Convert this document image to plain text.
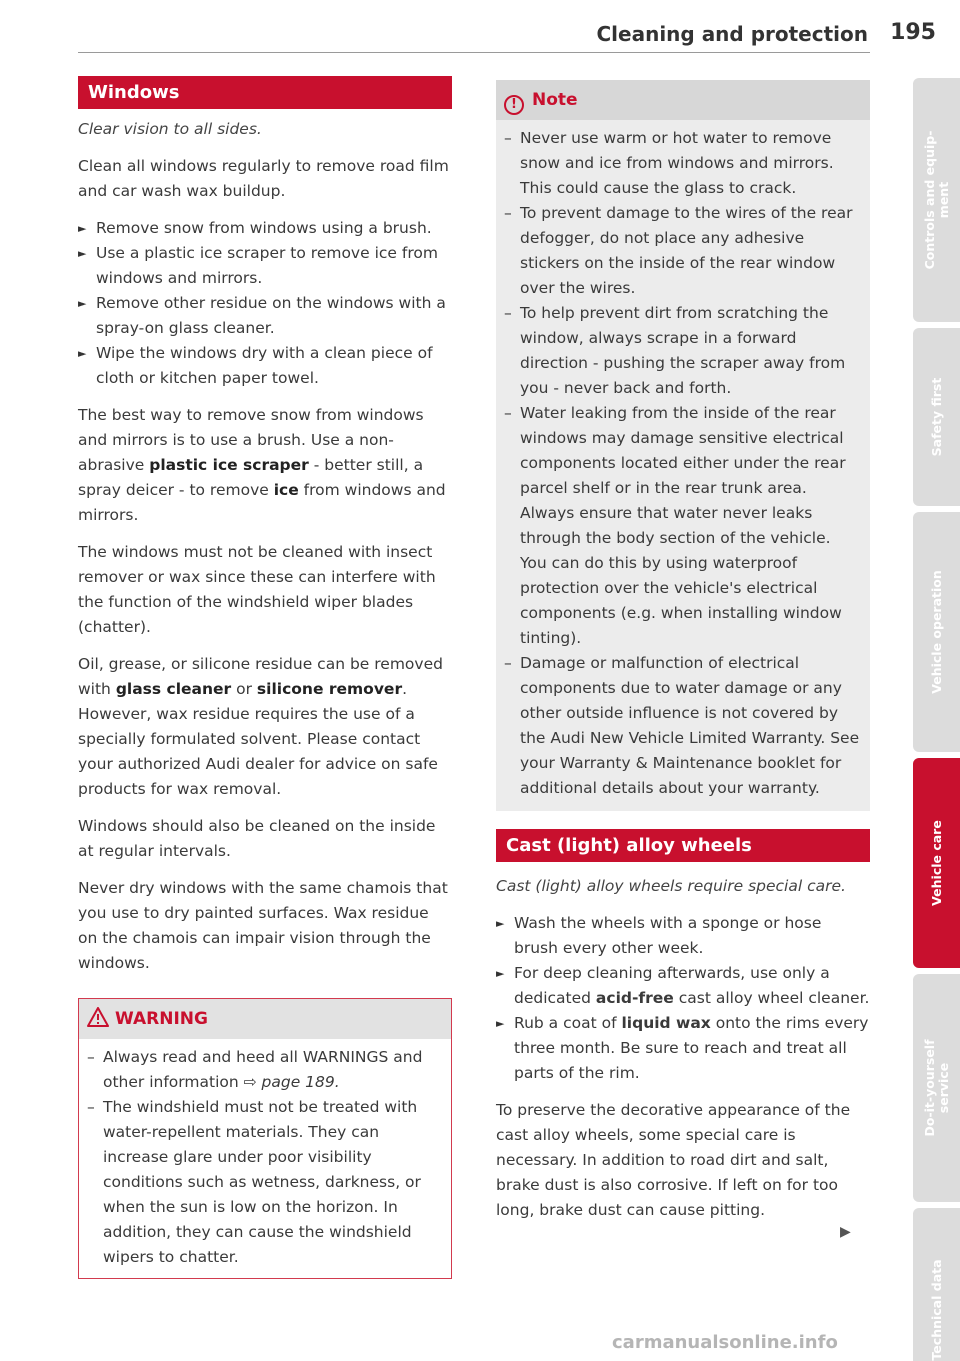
Cleaning and protection 195
Windows
Clear vision to all sides.

Clean all windows regularly to remove road film and car wash wax buildup.

► Remove snow from windows using a brush.
► Use a plastic ice scraper to remove ice from windows and mirrors.
► Remove other residue on the windows with a spray-on glass cleaner.
► Wipe the windows dry with a clean piece of cloth or kitchen paper towel.

The best way to remove snow from windows and mirrors is to use a brush. Use a non-abrasive plastic ice scraper - better still, a spray deicer - to remove ice from windows and mirrors.

The windows must not be cleaned with insect remover or wax since these can interfere with the function of the windshield wiper blades (chatter).

Oil, grease, or silicone residue can be removed with glass cleaner or silicone remover. However, wax residue requires the use of a specially formulated solvent. Please contact your authorized Audi dealer for advice on safe products for wax removal.

Windows should also be cleaned on the inside at regular intervals.

Never dry windows with the same chamois that you use to dry painted surfaces. Wax residue on the chamois can impair vision through the windows.

WARNING
– Always read and heed all WARNINGS and other information ⇨ page 189.
– The windshield must not be treated with water-repellent materials. They can increase glare under poor visibility conditions such as wetness, darkness, or when the sun is low on the horizon. In addition, they can cause the windshield wipers to chatter.
! Note
– Never use warm or hot water to remove snow and ice from windows and mirrors. This could cause the glass to crack.
– To prevent damage to the wires of the rear defogger, do not place any adhesive stickers on the inside of the rear window over the wires.
– To help prevent dirt from scratching the window, always scrape in a forward direction - pushing the scraper away from you - never back and forth.
– Water leaking from the inside of the rear windows may damage sensitive electrical components located either under the rear parcel shelf or in the rear trunk area. Always ensure that water never leaks through the body section of the vehicle. You can do this by using waterproof protection over the vehicle's electrical components (e.g. when installing window tinting).
– Damage or malfunction of electrical components due to water damage or any other outside influence is not covered by the Audi New Vehicle Limited Warranty. See your Warranty & Maintenance booklet for additional details about your warranty.
Cast (light) alloy wheels
Cast (light) alloy wheels require special care.
► Wash the wheels with a sponge or hose brush every other week.
► For deep cleaning afterwards, use only a dedicated acid-free cast alloy wheel cleaner.
► Rub a coat of liquid wax onto the rims every three month. Be sure to reach and treat all parts of the rim.

To preserve the decorative appearance of the cast alloy wheels, some special care is necessary. In addition to road dirt and salt, brake dust is also corrosive. If left on for too long, brake dust can cause pitting.

▶
Controls and equip-
ment
Safety first
Vehicle operation
Vehicle care
Do-it-yourself
service
Technical data
carmanualsonline.info
